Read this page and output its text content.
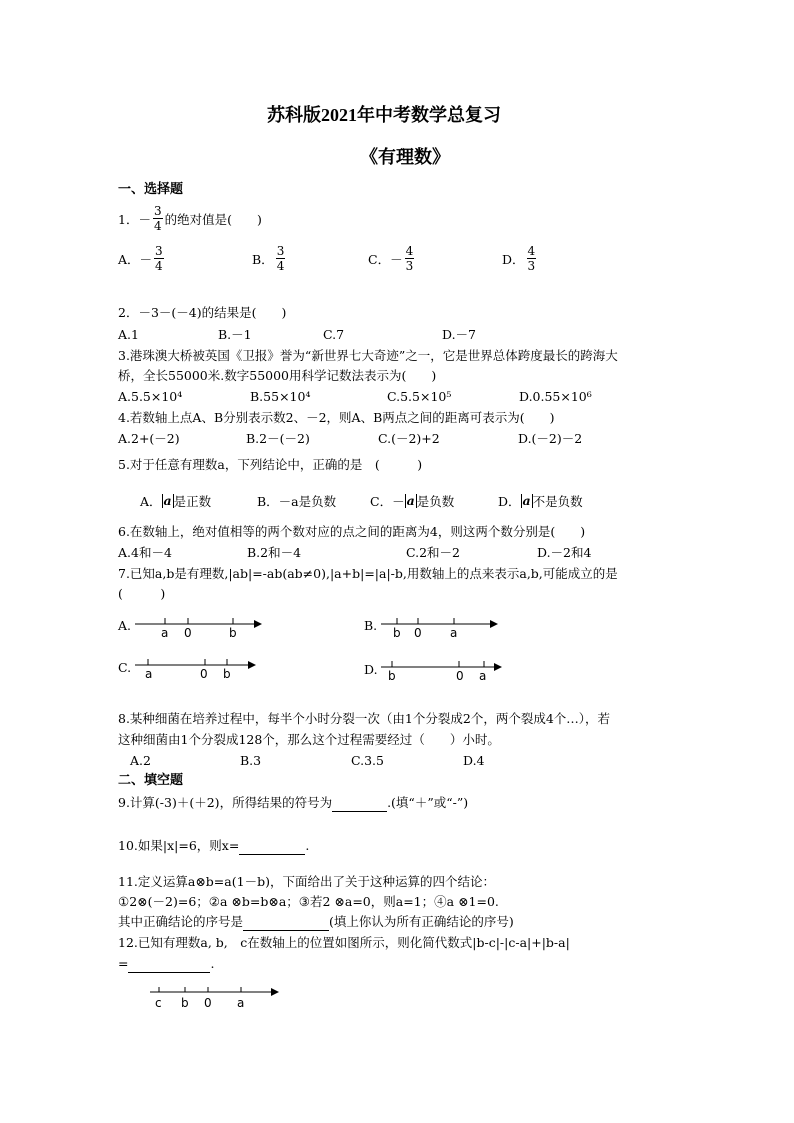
苏科版2021年中考数学总复习
《有理数》
一、选择题
1．－ $\frac{3}{4}$ 的绝对值是(　　)
A．－ $\frac{3}{4}$	B． $\frac{3}{4}$	C．－ $\frac{4}{3}$	D． $\frac{4}{3}$
2．－3－(－4)的结果是(　　)
A.1	B.－1	C.7	D.－7
3.港珠澳大桥被英国《卫报》誉为“新世界七大奇迹”之一，它是世界总体跨度最长的跨海大
桥，全长55000米.数字55000用科学记数法表示为(　　)
A.5.5×10⁴	B.55×10⁴	C.5.5×10⁵	D.0.55×10⁶
4.若数轴上点A、B分别表示数2、－2，则A、B两点之间的距离可表示为(　　)
A.2+(－2)	B.2－(－2)	C.(－2)+2	D.(－2)－2
5.对于任意有理数a，下列结论中，正确的是　(　　　)
A． a 是正数	B．－a是负数	C．－ a 是负数	D． a 不是负数
6.在数轴上，绝对值相等的两个数对应的点之间的距离为4，则这两个数分别是(　　)
A.4和－4	B.2和－4	C.2和－2	D.－2和4
7.已知a,b是有理数,|ab|=-ab(ab≠0),|a+b|=|a|-b,用数轴上的点来表示a,b,可能成立的是
(　　　)
A. a 0	b	B. b 0 a
C. a	0 b	D. b	0 a
8.某种细菌在培养过程中，每半个小时分裂一次（由1个分裂成2个，两个裂成4个…），若
这种细菌由1个分裂成128个，那么这个过程需要经过（　　）小时。
A.2	B.3	C.3.5	D.4
二、填空题
9.计算(-3)＋(＋2)，所得结果的符号为	.(填“＋”或“-”)
10.如果|x|=6，则x=	.
11.定义运算a⊗b=a(1－b)，下面给出了关于这种运算的四个结论：
①2⊗(－2)=6；②a ⊗b=b⊗a；③若2 ⊗a=0，则a=1；④a ⊗1=0.
其中正确结论的序号是	(填上你认为所有正确结论的序号)
12.已知有理数a, b,　c在数轴上的位置如图所示，则化简代数式|b-c|-|c-a|+|b-a|
=	.
c b 0 a
